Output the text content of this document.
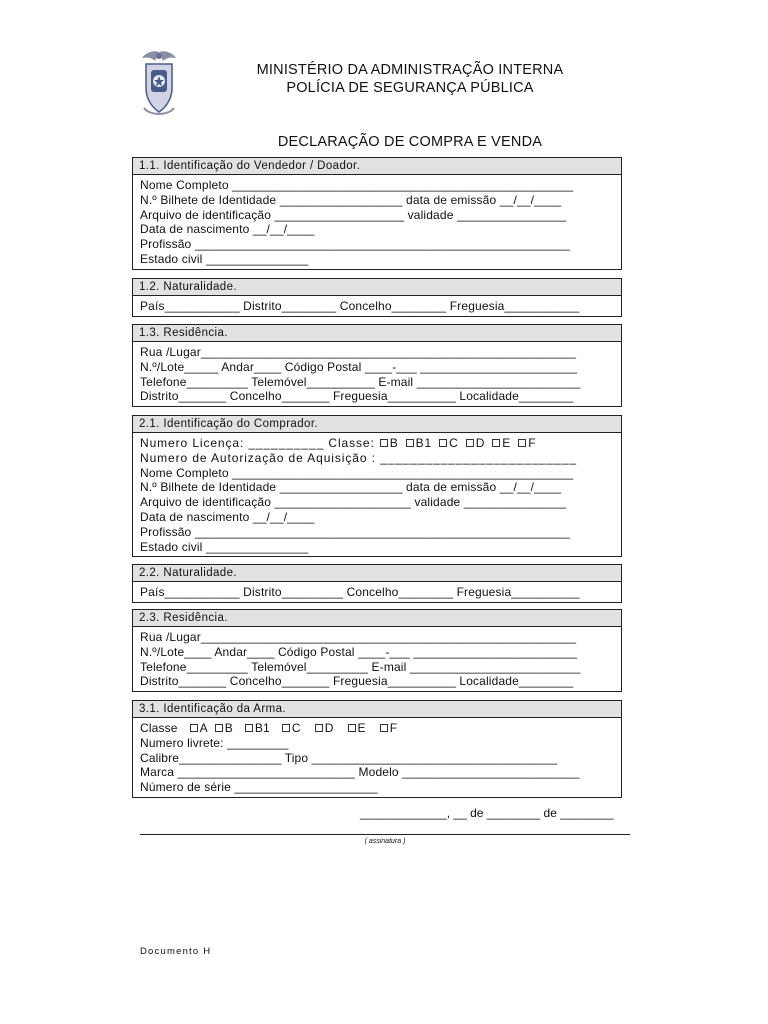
MINISTÉRIO DA ADMINISTRAÇÃO INTERNA
POLÍCIA DE SEGURANÇA PÚBLICA
DECLARAÇÃO DE COMPRA E VENDA
1.1. Identificação do Vendedor / Doador.
Nome Completo __________________________________________________
N.º Bilhete de Identidade __________________ data de emissão __/__/____
Arquivo de identificação ___________________ validade ________________
Data de nascimento __/__/____
Profissão _______________________________________________________
Estado civil _______________
1.2. Naturalidade.
País___________ Distrito________ Concelho________ Freguesia___________
1.3. Residência.
Rua /Lugar_______________________________________________________
N.º/Lote_____ Andar____ Código Postal ____-___ _______________________
Telefone_________ Telemóvel__________ E-mail ________________________
Distrito_______ Concelho_______ Freguesia__________ Localidade________
2.1. Identificação do Comprador.
Numero Licença: __________ Classe: B B1 C D E F
Numero de Autorização de Aquisição : __________________________
Nome Completo __________________________________________________
N.º Bilhete de Identidade __________________ data de emissão __/__/____
Arquivo de identificação ____________________ validade _______________
Data de nascimento __/__/____
Profissão _______________________________________________________
Estado civil _______________
2.2. Naturalidade.
País___________ Distrito_________ Concelho________ Freguesia__________
2.3. Residência.
Rua /Lugar_______________________________________________________
N.º/Lote____ Andar____ Código Postal ____-___ ________________________
Telefone_________ Telemóvel_________ E-mail _________________________
Distrito_______ Concelho_______ Freguesia__________ Localidade________
3.1. Identificação da Arma.
Classe A B B1 C D E F
Numero livrete: _________
Calibre_______________ Tipo ____________________________________
Marca __________________________ Modelo __________________________
Número de série _____________________
_____________, __ de ________ de ________
( assinatura )
Documento H
